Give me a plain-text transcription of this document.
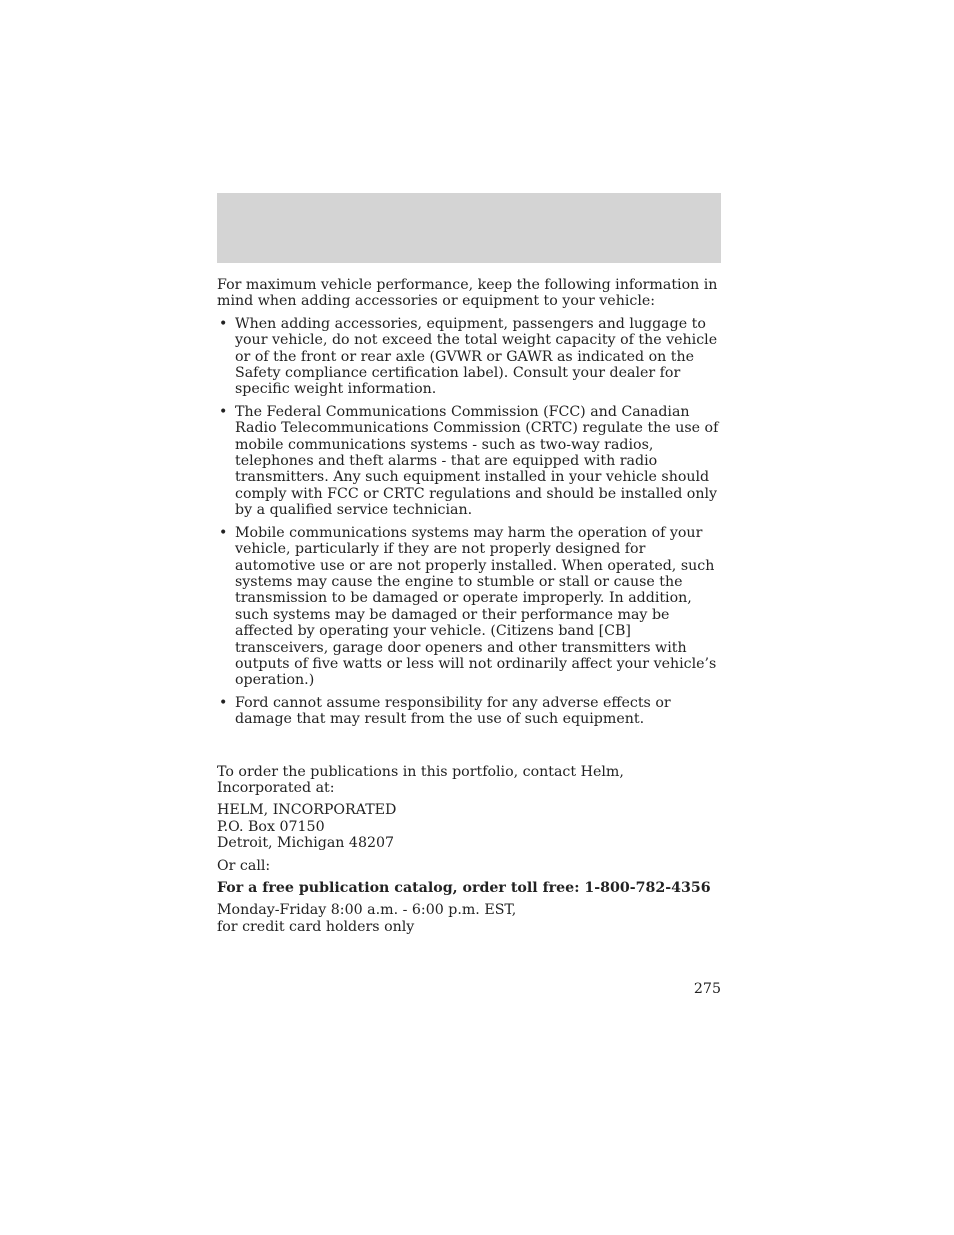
For maximum vehicle performance, keep the following information in mind when adding accessories or equipment to your vehicle:

• When adding accessories, equipment, passengers and luggage to your vehicle, do not exceed the total weight capacity of the vehicle or of the front or rear axle (GVWR or GAWR as indicated on the Safety compliance certification label). Consult your dealer for specific weight information.
• The Federal Communications Commission (FCC) and Canadian Radio Telecommunications Commission (CRTC) regulate the use of mobile communications systems - such as two-way radios, telephones and theft alarms - that are equipped with radio transmitters. Any such equipment installed in your vehicle should comply with FCC or CRTC regulations and should be installed only by a qualified service technician.
• Mobile communications systems may harm the operation of your vehicle, particularly if they are not properly designed for automotive use or are not properly installed. When operated, such systems may cause the engine to stumble or stall or cause the transmission to be damaged or operate improperly. In addition, such systems may be damaged or their performance may be affected by operating your vehicle. (Citizens band [CB] transceivers, garage door openers and other transmitters with outputs of five watts or less will not ordinarily affect your vehicle’s operation.)
• Ford cannot assume responsibility for any adverse effects or damage that may result from the use of such equipment.

To order the publications in this portfolio, contact Helm, Incorporated at:

HELM, INCORPORATED
P.O. Box 07150
Detroit, Michigan 48207

Or call:

For a free publication catalog, order toll free: 1-800-782-4356

Monday-Friday 8:00 a.m. - 6:00 p.m. EST,
for credit card holders only

275
